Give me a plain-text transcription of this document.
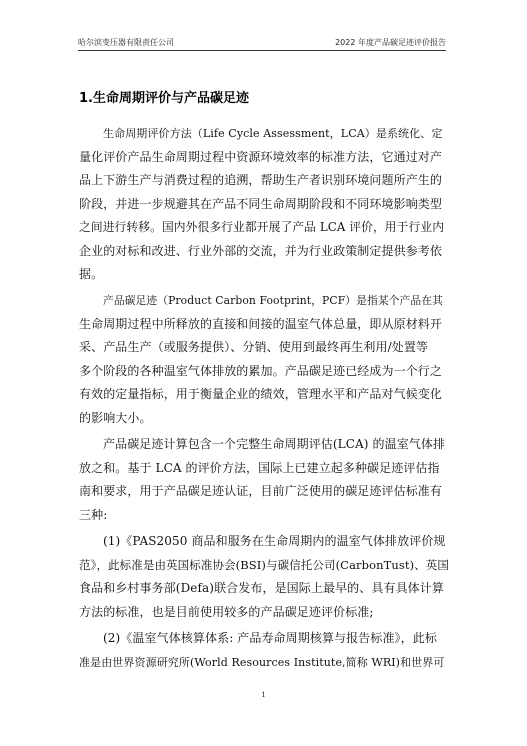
哈尔滨变压器有限责任公司	2022 年度产品碳足迹评价报告
1.生命周期评价与产品碳足迹
生命周期评价方法（Life Cycle Assessment，LCA）是系统化、定
量化评价产品生命周期过程中资源环境效率的标准方法，它通过对产
品上下游生产与消费过程的追溯，帮助生产者识别环境问题所产生的
阶段，并进一步规避其在产品不同生命周期阶段和不同环境影响类型
之间进行转移。国内外很多行业都开展了产品 LCA 评价，用于行业内
企业的对标和改进、行业外部的交流，并为行业政策制定提供参考依
据。
产品碳足迹（Product Carbon Footprint，PCF）是指某个产品在其
生命周期过程中所释放的直接和间接的温室气体总量，即从原材料开
采、产品生产（或服务提供）、分销、使用到最终再生利用/处置等
多个阶段的各种温室气体排放的累加。产品碳足迹已经成为一个行之
有效的定量指标，用于衡量企业的绩效，管理水平和产品对气候变化
的影响大小。
产品碳足迹计算包含一个完整生命周期评估(LCA) 的温室气体排
放之和。基于 LCA 的评价方法，国际上已建立起多种碳足迹评估指
南和要求，用于产品碳足迹认证，目前广泛使用的碳足迹评估标准有
三种:
(1)《PAS2050 商品和服务在生命周期内的温室气体排放评价规
范》，此标准是由英国标准协会(BSI)与碳信托公司(CarbonTust)、英国
食品和乡村事务部(Defa)联合发布，是国际上最早的、具有具体计算
方法的标准，也是目前使用较多的产品碳足迹评价标准;
(2)《温室气体核算体系: 产品寿命周期核算与报告标准》，此标
准是由世界资源研究所(World Resources Institute,简称 WRI)和世界可
1
